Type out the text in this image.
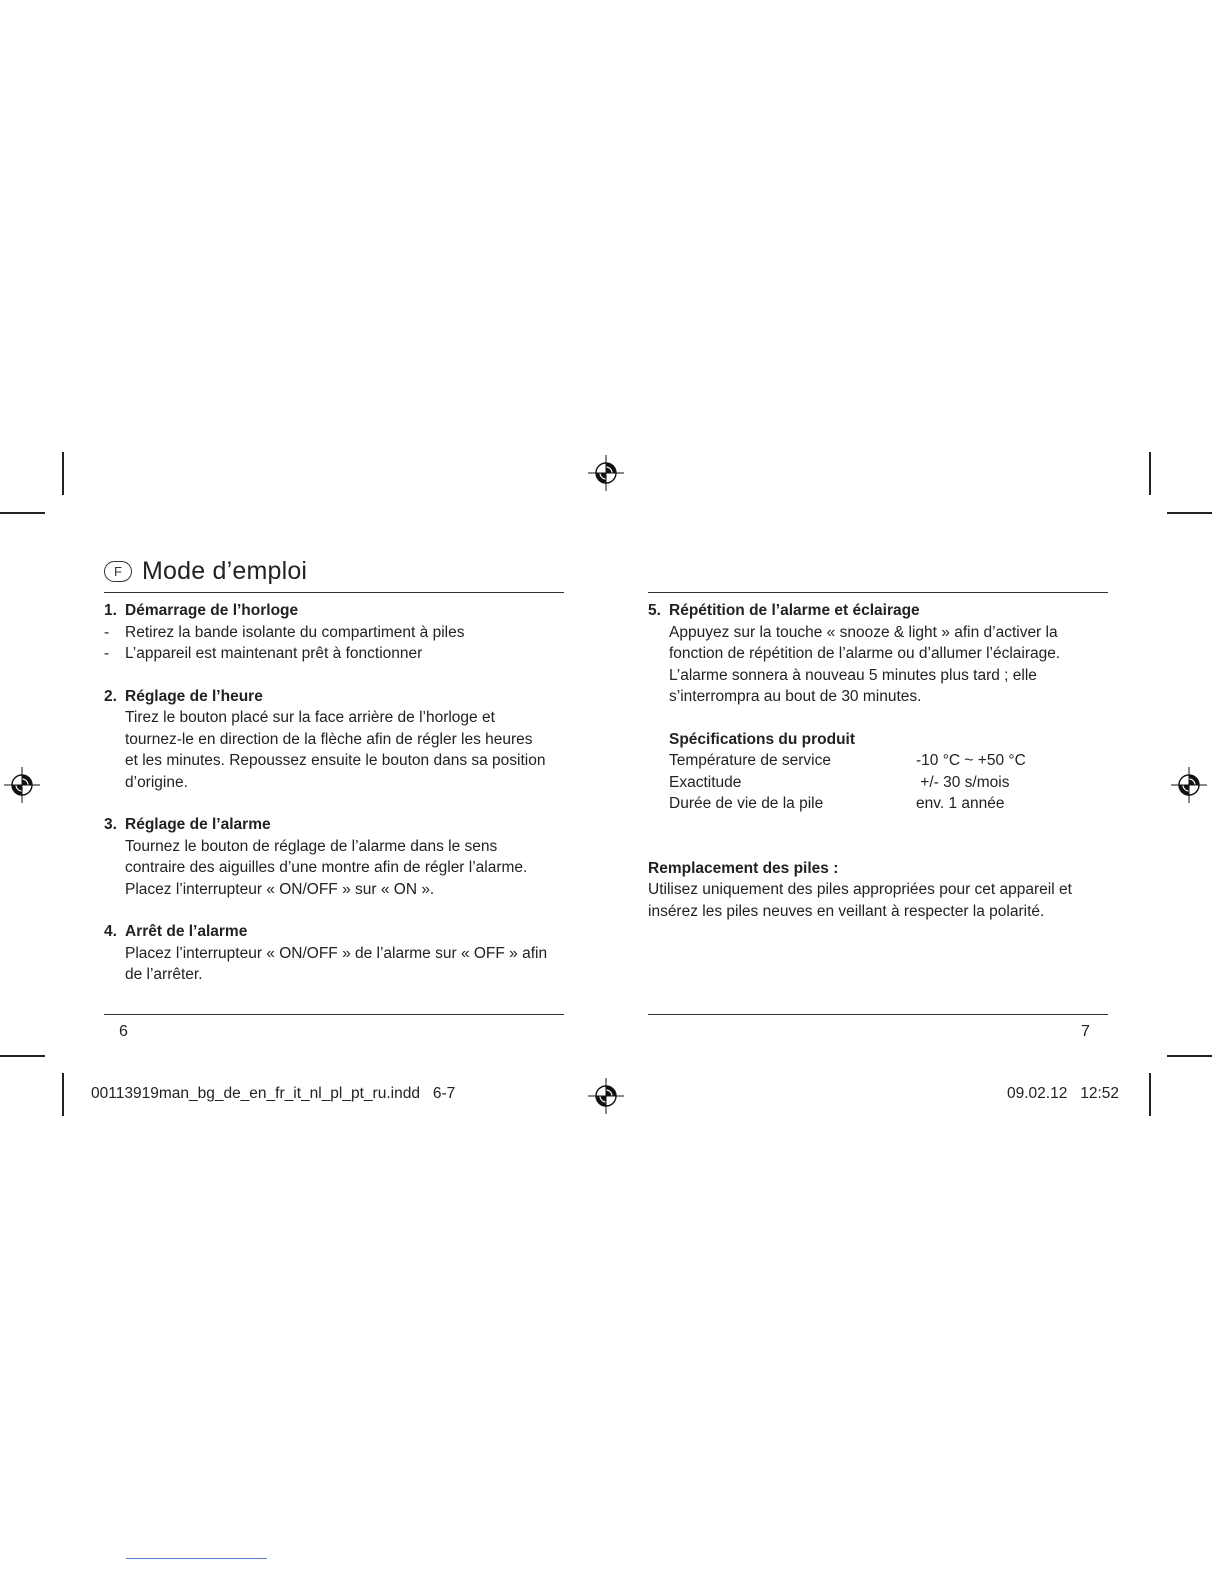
F Mode d’emploi
1. Démarrage de l’horloge
-	Retirez la bande isolante du compartiment à piles
-	L’appareil est maintenant prêt à fonctionner
2. Réglage de l’heure
Tirez le bouton placé sur la face arrière de l’horloge et
tournez-le en direction de la flèche afin de régler les heures
et les minutes. Repoussez ensuite le bouton dans sa position
d’origine.
3. Réglage de l’alarme
Tournez le bouton de réglage de l’alarme dans le sens
contraire des aiguilles d’une montre afin de régler l’alarme.
Placez l’interrupteur « ON/OFF » sur « ON ».
4. Arrêt de l’alarme
Placez l’interrupteur « ON/OFF » de l’alarme sur « OFF » afin
de l’arrêter.
5. Répétition de l’alarme et éclairage
Appuyez sur la touche « snooze & light » afin d’activer la
fonction de répétition de l’alarme ou d’allumer l’éclairage.
L’alarme sonnera à nouveau 5 minutes plus tard ; elle
s’interrompra au bout de 30 minutes.
Spécifications du produit
Température de service	-10 °C ~ +50 °C
Exactitude	+/- 30 s/mois
Durée de vie de la pile	env. 1 année
Remplacement des piles :
Utilisez uniquement des piles appropriées pour cet appareil et
insérez les piles neuves en veillant à respecter la polarité.
6	7
00113919man_bg_de_en_fr_it_nl_pl_pt_ru.indd   6-7	09.02.12   12:52
